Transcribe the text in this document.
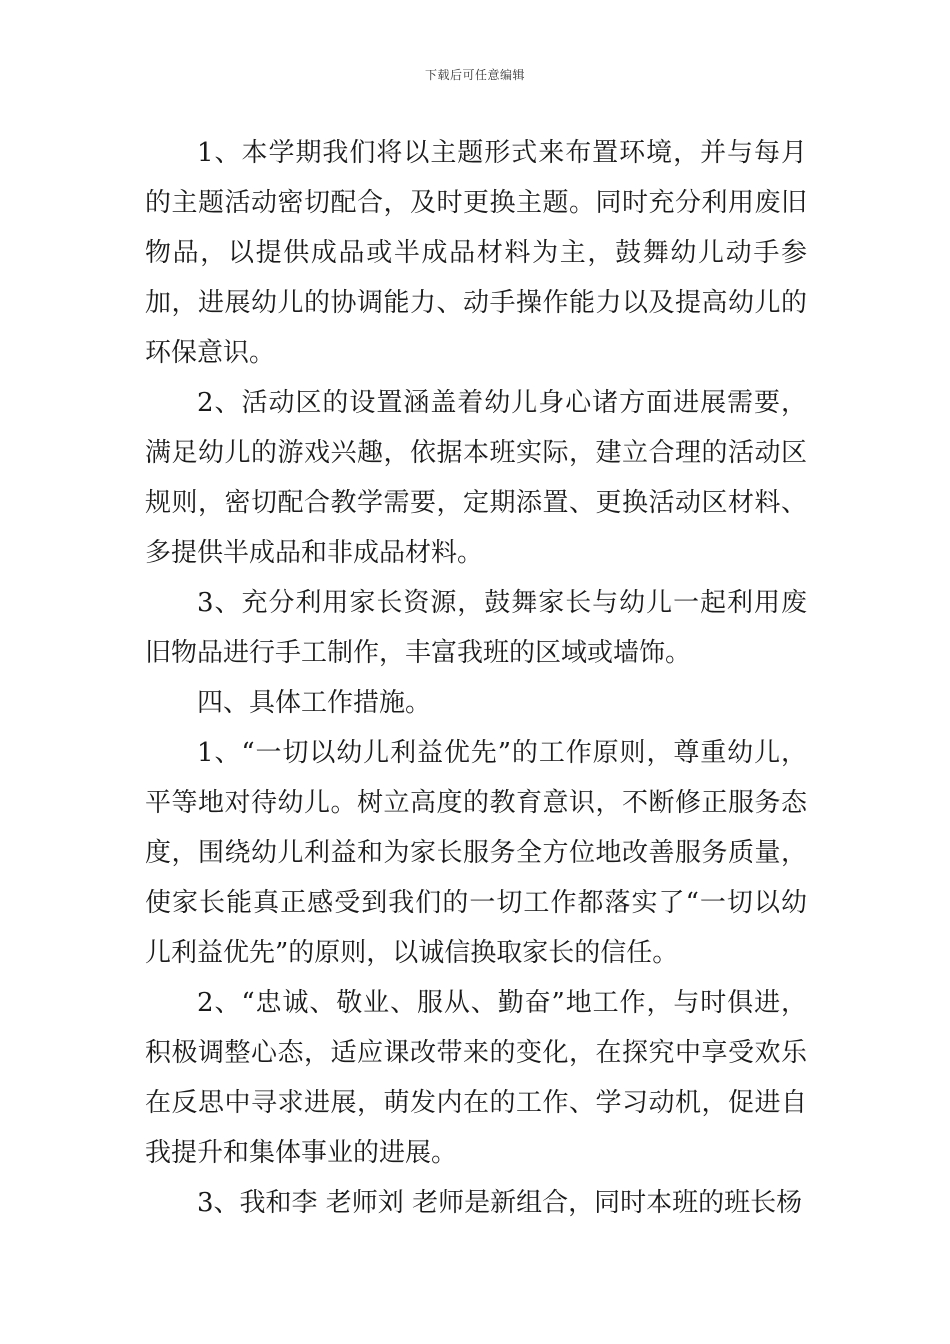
下载后可任意编辑

1、本学期我们将以主题形式来布置环境，并与每月的主题活动密切配合，及时更换主题。同时充分利用废旧物品，以提供成品或半成品材料为主，鼓舞幼儿动手参加，进展幼儿的协调能力、动手操作能力以及提高幼儿的环保意识。

2、活动区的设置涵盖着幼儿身心诸方面进展需要，满足幼儿的游戏兴趣，依据本班实际，建立合理的活动区规则，密切配合教学需要，定期添置、更换活动区材料、多提供半成品和非成品材料。

3、充分利用家长资源，鼓舞家长与幼儿一起利用废旧物品进行手工制作，丰富我班的区域或墙饰。

四、具体工作措施。

1、“一切以幼儿利益优先”的工作原则，尊重幼儿，平等地对待幼儿。树立高度的教育意识，不断修正服务态度，围绕幼儿利益和为家长服务全方位地改善服务质量，使家长能真正感受到我们的一切工作都落实了“一切以幼儿利益优先”的原则，以诚信换取家长的信任。

2、“忠诚、敬业、服从、勤奋”地工作，与时俱进，积极调整心态，适应课改带来的变化，在探究中享受欢乐在反思中寻求进展，萌发内在的工作、学习动机，促进自我提升和集体事业的进展。

3、我和李 老师刘 老师是新组合，同时本班的班长杨
